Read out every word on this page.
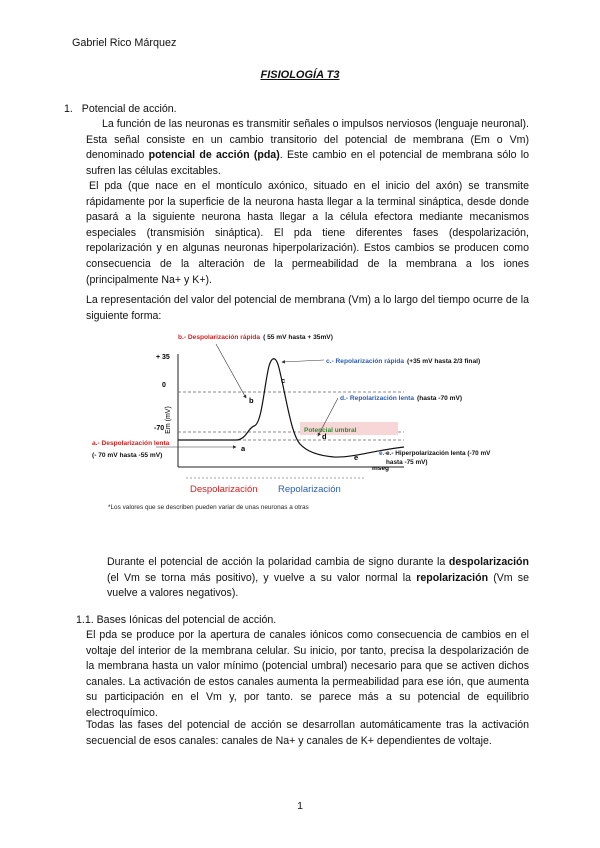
Gabriel Rico Márquez
FISIOLOGÍA T3
1. Potencial de acción.
La función de las neuronas es transmitir señales o impulsos nerviosos (lenguaje neuronal). Esta señal consiste en un cambio transitorio del potencial de membrana (Em o Vm) denominado potencial de acción (pda). Este cambio en el potencial de membrana sólo lo sufren las células excitables.
El pda (que nace en el montículo axónico, situado en el inicio del axón) se transmite rápidamente por la superficie de la neurona hasta llegar a la terminal sináptica, desde donde pasará a la siguiente neurona hasta llegar a la célula efectora mediante mecanismos especiales (transmisión sináptica). El pda tiene diferentes fases (despolarización, repolarización y en algunas neuronas hiperpolarización). Estos cambios se producen como consecuencia de la alteración de la permeabilidad de la membrana a los iones (principalmente Na+ y K+).
La representación del valor del potencial de membrana (Vm) a lo largo del tiempo ocurre de la siguiente forma:
Em (mV)
mseg
+ 35
0
-70	Potencial umbral
a
b
c
d
e
b.- Despolarización rápida ( 55 mV hasta + 35mV)
c.- Repolarización rápida (+35 mV hasta 2/3 final)
d.- Repolarización lenta (hasta -70 mV)
a.- Despolarización lenta
(- 70 mV hasta -55 mV)	e.-
Despolarización Repolarización
*Los valores que se describen pueden variar de unas neuronas a otras
e.- Hiperpolarización lenta (-70 mV
hasta -75 mV)
Durante el potencial de acción la polaridad cambia de signo durante la despolarización (el Vm se torna más positivo), y vuelve a su valor normal la repolarización (Vm se vuelve a valores negativos).
1.1. Bases Iónicas del potencial de acción.
El pda se produce por la apertura de canales iónicos como consecuencia de cambios en el voltaje del interior de la membrana celular. Su inicio, por tanto, precisa la despolarización de la membrana hasta un valor mínimo (potencial umbral) necesario para que se activen dichos canales. La activación de estos canales aumenta la permeabilidad para ese ión, que aumenta su participación en el Vm y, por tanto. se parece más a su potencial de equilibrio electroquímico.
Todas las fases del potencial de acción se desarrollan automáticamente tras la activación secuencial de esos canales: canales de Na+ y canales de K+ dependientes de voltaje.
1
